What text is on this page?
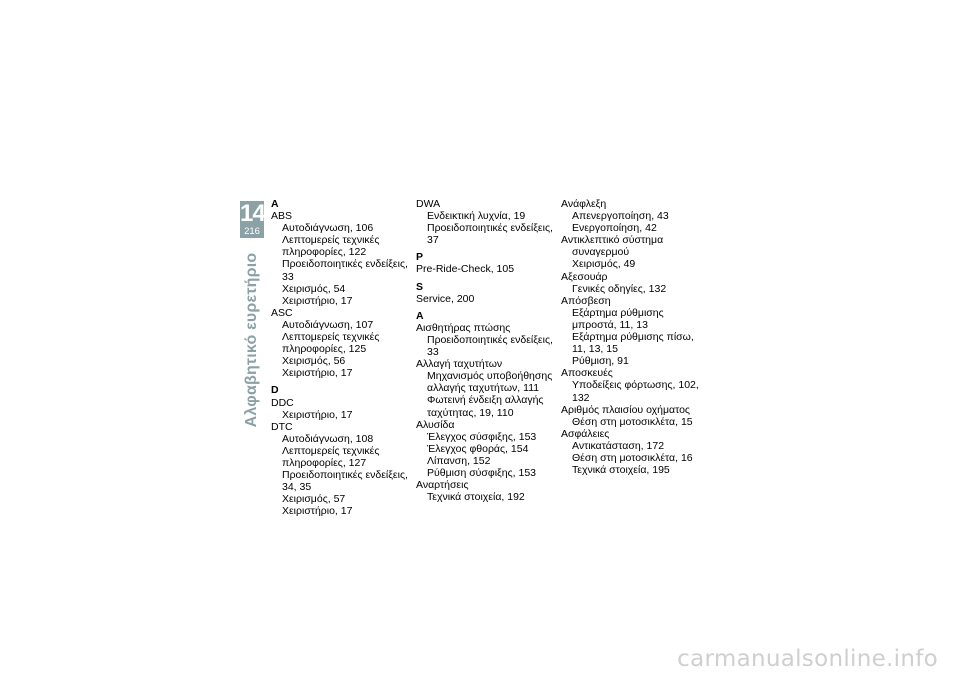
14
216
Αλφαβητικό ευρετήριο
A
ABS
Αυτοδιάγνωση, 106
Λεπτομερείς τεχνικές πληροφορίες, 122
Προειδοποιητικές ενδείξεις, 33
Χειρισμός, 54
Χειριστήριο, 17
ASC
Αυτοδιάγνωση, 107
Λεπτομερείς τεχνικές πληροφορίες, 125
Χειρισμός, 56
Χειριστήριο, 17
D
DDC
Χειριστήριο, 17
DTC
Αυτοδιάγνωση, 108
Λεπτομερείς τεχνικές πληροφορίες, 127
Προειδοποιητικές ενδείξεις, 34, 35
Χειρισμός, 57
Χειριστήριο, 17
DWA
Ενδεικτική λυχνία, 19
Προειδοποιητικές ενδείξεις, 37
P
Pre-Ride-Check, 105
S
Service, 200
Α
Αισθητήρας πτώσης
Προειδοποιητικές ενδείξεις, 33
Αλλαγή ταχυτήτων
Μηχανισμός υποβοήθησης αλλαγής ταχυτήτων, 111
Φωτεινή ένδειξη αλλαγής ταχύτητας, 19, 110
Αλυσίδα
Έλεγχος σύσφιξης, 153
Έλεγχος φθοράς, 154
Λίπανση, 152
Ρύθμιση σύσφιξης, 153
Αναρτήσεις
Τεχνικά στοιχεία, 192
Ανάφλεξη
Απενεργοποίηση, 43
Ενεργοποίηση, 42
Αντικλεπτικό σύστημα
συναγερμού
Χειρισμός, 49
Αξεσουάρ
Γενικές οδηγίες, 132
Απόσβεση
Εξάρτημα ρύθμισης μπροστά, 11, 13
Εξάρτημα ρύθμισης πίσω, 11, 13, 15
Ρύθμιση, 91
Αποσκευές
Υποδείξεις φόρτωσης, 102, 132
Αριθμός πλαισίου οχήματος
Θέση στη μοτοσικλέτα, 15
Ασφάλειες
Αντικατάσταση, 172
Θέση στη μοτοσικλέτα, 16
Τεχνικά στοιχεία, 195
carmanualsonline.info
